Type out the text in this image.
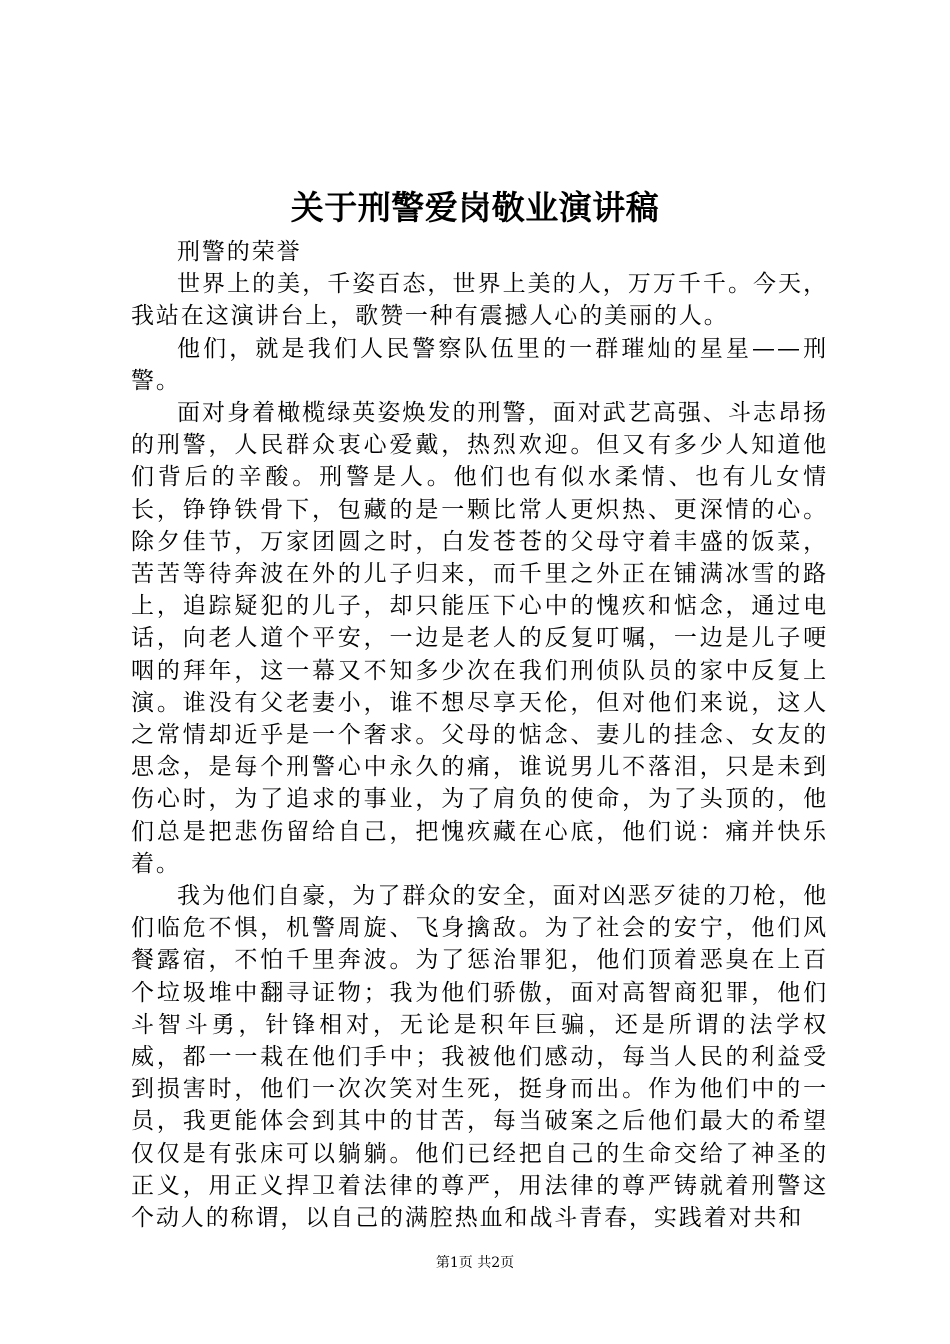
关于刑警爱岗敬业演讲稿

刑警的荣誉

世界上的美，千姿百态，世界上美的人，万万千千。今天，我站在这演讲台上，歌赞一种有震撼人心的美丽的人。

他们，就是我们人民警察队伍里的一群璀灿的星星——刑警。

面对身着橄榄绿英姿焕发的刑警，面对武艺高强、斗志昂扬的刑警，人民群众衷心爱戴，热烈欢迎。但又有多少人知道他们背后的辛酸。刑警是人。他们也有似水柔情、也有儿女情长，铮铮铁骨下，包藏的是一颗比常人更炽热、更深情的心。除夕佳节，万家团圆之时，白发苍苍的父母守着丰盛的饭菜，苦苦等待奔波在外的儿子归来，而千里之外正在铺满冰雪的路上，追踪疑犯的儿子，却只能压下心中的愧疚和惦念，通过电话，向老人道个平安，一边是老人的反复叮嘱，一边是儿子哽咽的拜年，这一幕又不知多少次在我们刑侦队员的家中反复上演。谁没有父老妻小，谁不想尽享天伦，但对他们来说，这人之常情却近乎是一个奢求。父母的惦念、妻儿的挂念、女友的思念，是每个刑警心中永久的痛，谁说男儿不落泪，只是未到伤心时，为了追求的事业，为了肩负的使命，为了头顶的，他们总是把悲伤留给自己，把愧疚藏在心底，他们说：痛并快乐着。

我为他们自豪，为了群众的安全，面对凶恶歹徒的刀枪，他们临危不惧，机警周旋、飞身擒敌。为了社会的安宁，他们风餐露宿，不怕千里奔波。为了惩治罪犯，他们顶着恶臭在上百个垃圾堆中翻寻证物；我为他们骄傲，面对高智商犯罪，他们斗智斗勇，针锋相对，无论是积年巨骗，还是所谓的法学权威，都一一栽在他们手中；我被他们感动，每当人民的利益受到损害时，他们一次次笑对生死，挺身而出。作为他们中的一员，我更能体会到其中的甘苦，每当破案之后他们最大的希望仅仅是有张床可以躺躺。他们已经把自己的生命交给了神圣的正义，用正义捍卫着法律的尊严，用法律的尊严铸就着刑警这个动人的称谓，以自己的满腔热血和战斗青春，实践着对共和

第1页 共2页
